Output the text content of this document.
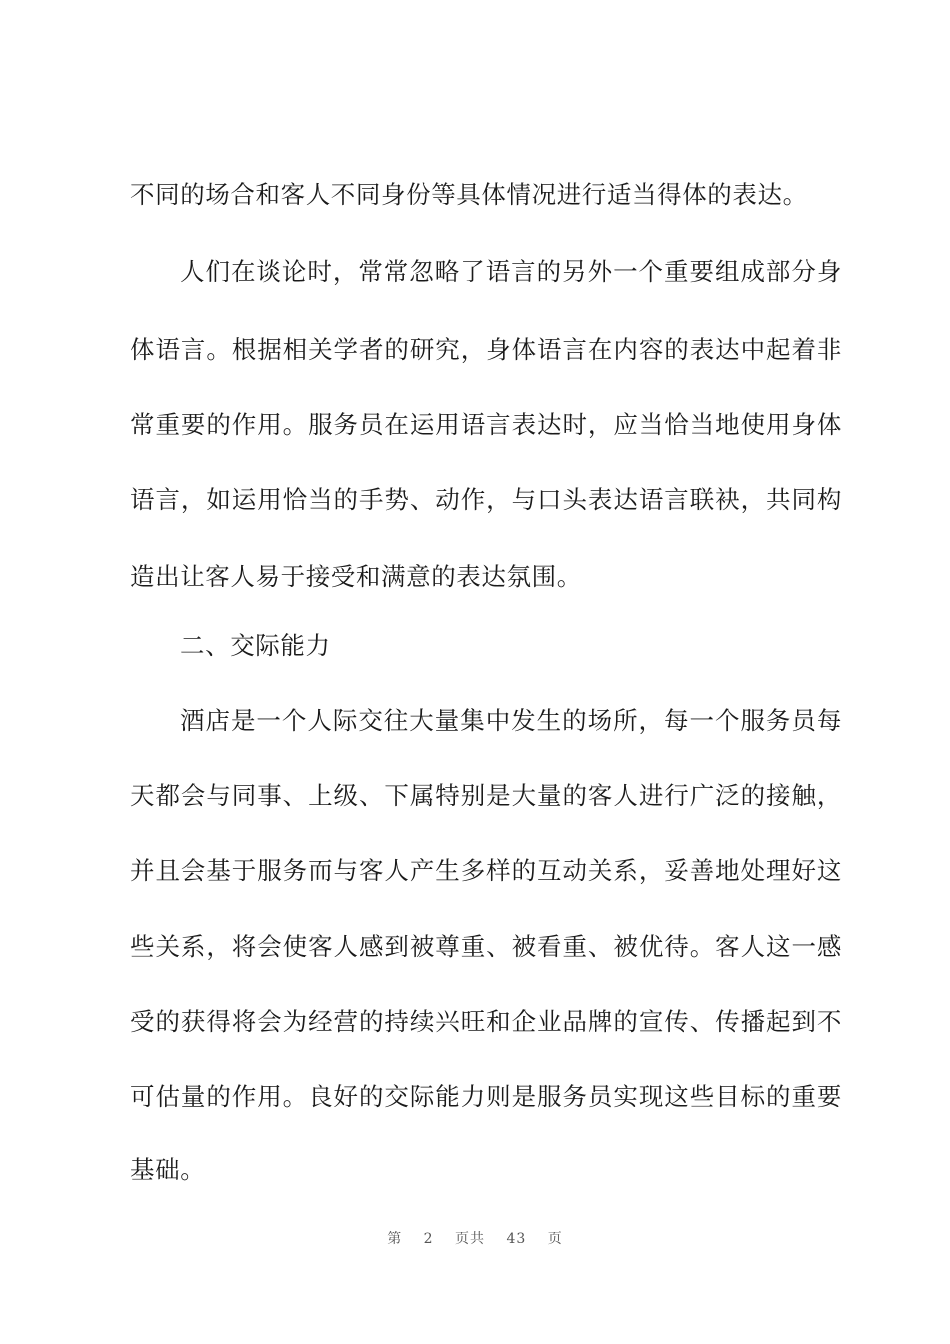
不同的场合和客人不同身份等具体情况进行适当得体的表达。
人们在谈论时，常常忽略了语言的另外一个重要组成部分身
体语言。根据相关学者的研究，身体语言在内容的表达中起着非
常重要的作用。服务员在运用语言表达时，应当恰当地使用身体
语言，如运用恰当的手势、动作，与口头表达语言联袂，共同构
造出让客人易于接受和满意的表达氛围。
二、交际能力
酒店是一个人际交往大量集中发生的场所，每一个服务员每
天都会与同事、上级、下属特别是大量的客人进行广泛的接触，
并且会基于服务而与客人产生多样的互动关系，妥善地处理好这
些关系，将会使客人感到被尊重、被看重、被优待。客人这一感
受的获得将会为经营的持续兴旺和企业品牌的宣传、传播起到不
可估量的作用。良好的交际能力则是服务员实现这些目标的重要
基础。
第 2 页共 43 页
